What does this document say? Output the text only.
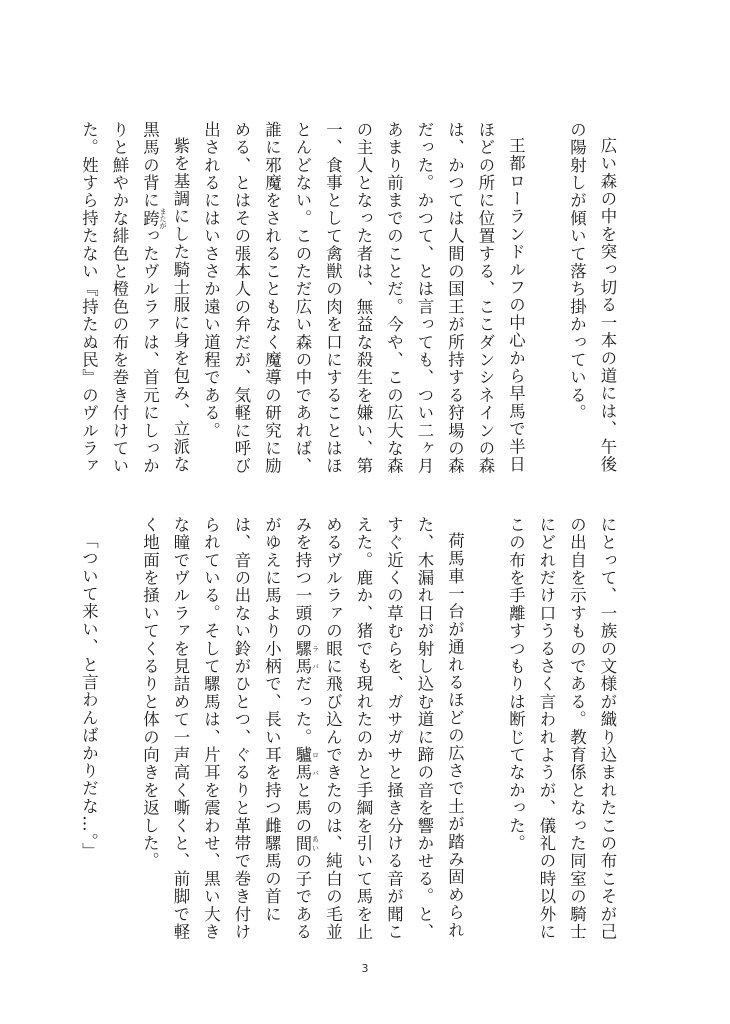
広い森の中を突っ切る一本の道には、午後の陽射しが傾いて落ち掛かっている。
王都ローランドルフの中心から早馬で半日ほどの所に位置する、ここダンシネインの森は、かつては人間の国王が所持する狩場の森だった。かつて、とは言っても、つい二ヶ月あまり前までのことだ。今や、この広大な森の主人となった者は、無益な殺生を嫌い、第一、食事として禽獣の肉を口にすることはほとんどない。このただ広い森の中であれば、誰に邪魔をされることもなく魔導の研究に励める、とはその張本人の弁だが、気軽に呼び出されるにはいささか遠い道程である。
紫を基調にした騎士服に身を包み、立派な黒馬の背に跨 またがったヴルラァは、首元にしっかりと鮮やかな緋色と橙色の布を巻き付けていた。姓すら持たない『持たぬ民』のヴルラァ
にとって、一族の文様が織り込まれたこの布こそが己の出自を示すものである。教育係となった同室の騎士にどれだけ口うるさく言われようが、儀礼の時以外にこの布を手離すつもりは断じてなかった。
荷馬車一台が通れるほどの広さで土が踏み固められた、木漏れ日が射し込む道に蹄の音を響かせる。と、すぐ近くの草むらを、ガサガサと掻き分ける音が聞こえた。鹿か、猪でも現れたのかと手綱を引いて馬を止めるヴルラァの眼に飛び込んできたのは、純白の毛並みを持つ一頭の騾馬 ラバだった。驢馬 ロバと馬の間 あいの子であるがゆえに馬より小柄で、長い耳を持つ雌騾馬の首には、音の出ない鈴がひとつ、ぐるりと革帯で巻き付けられている。そして騾馬は、片耳を震わせ、黒い大きな瞳でヴルラァを見詰めて一声高く嘶くと、前脚で軽く地面を掻いてくるりと体の向きを返した。
「ついて来い、と言わんばかりだな…。」
3
